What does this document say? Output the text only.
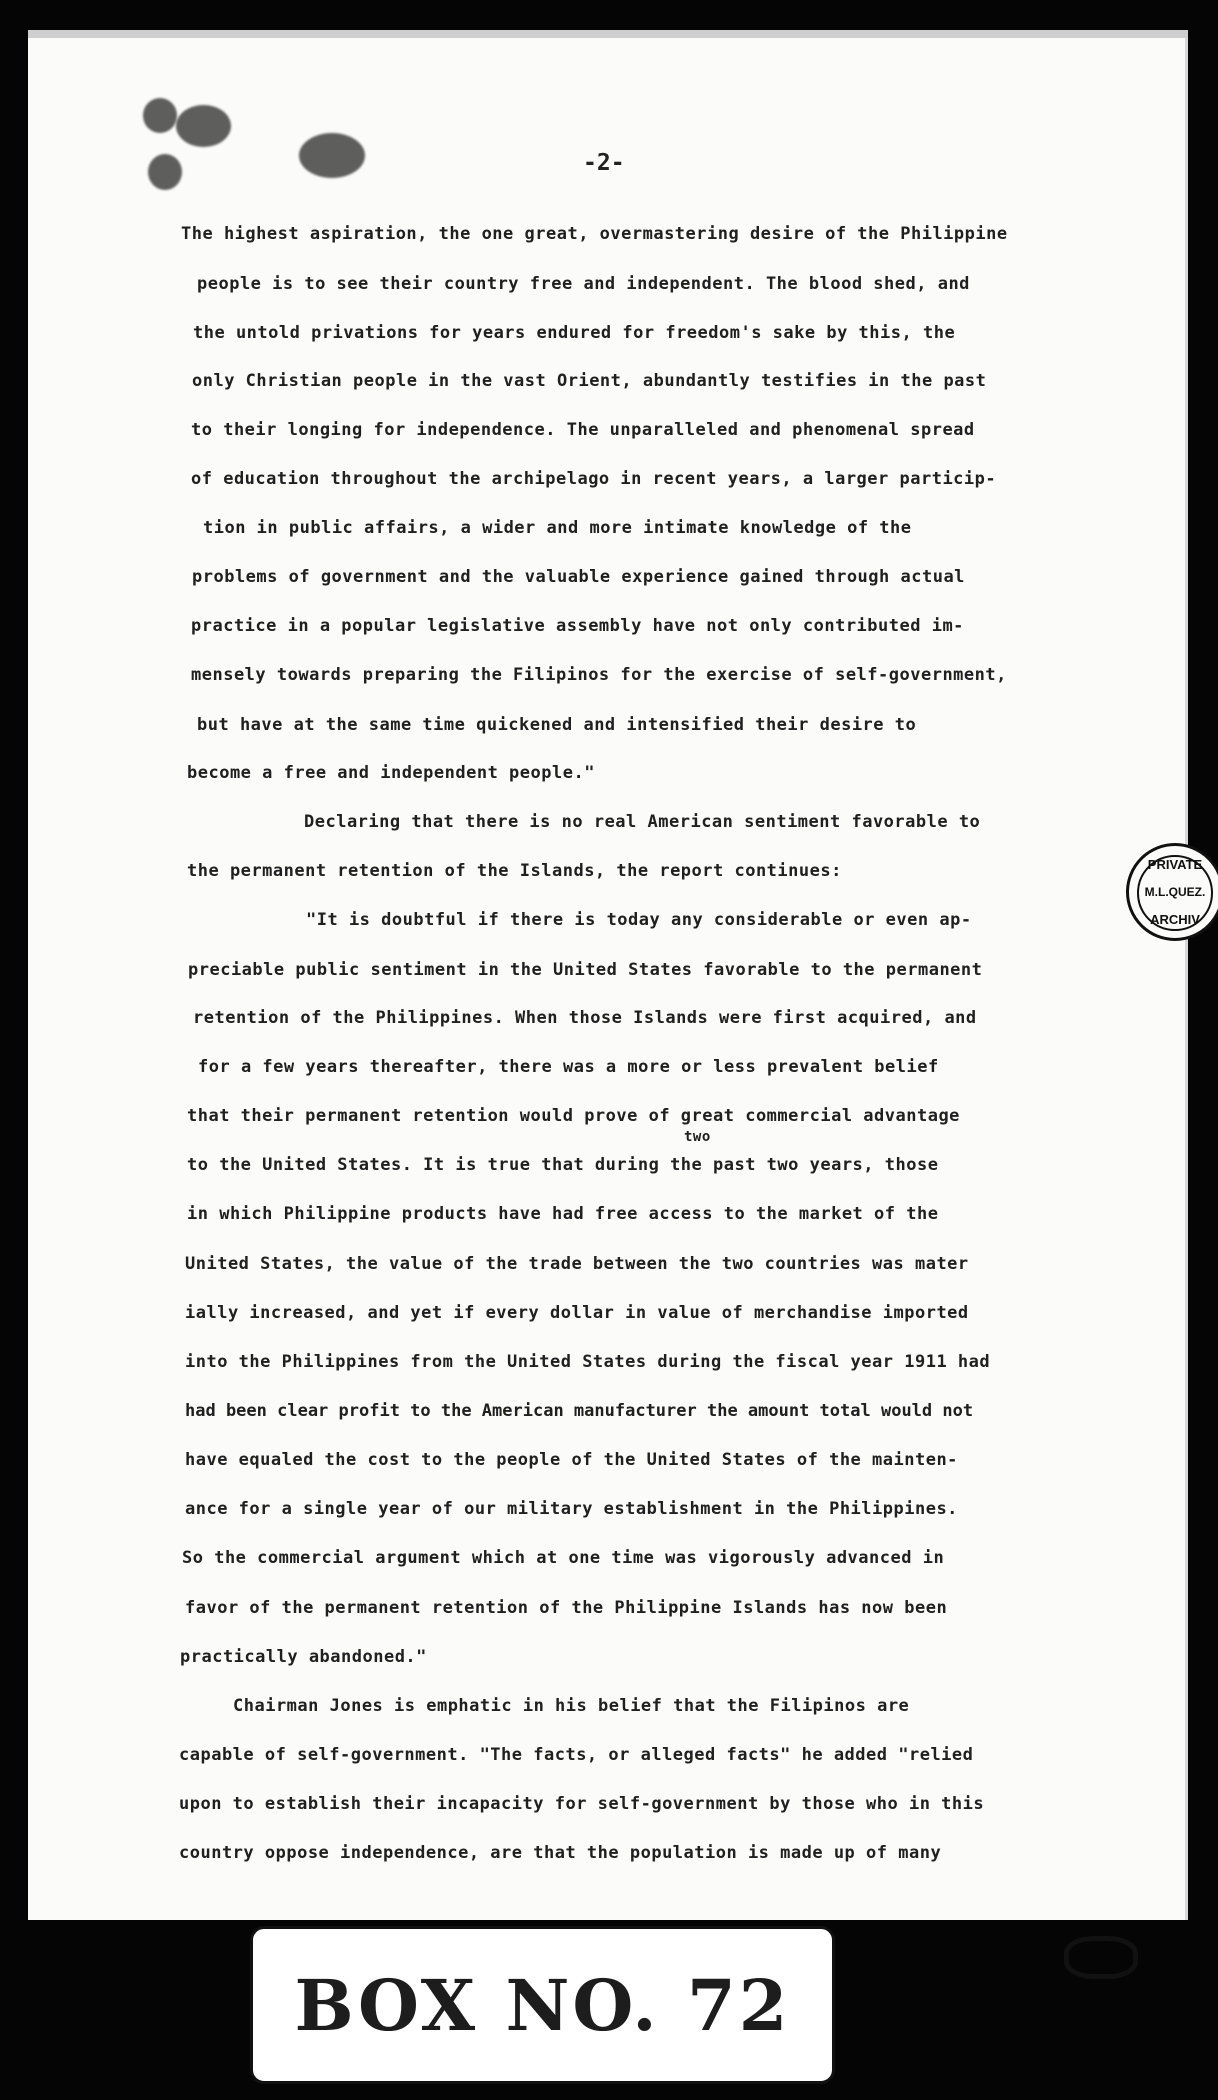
-2-
The highest aspiration, the one great, overmastering desire of the Philippine
people is to see their country free and independent. The blood shed, and
the untold privations for years endured for freedom's sake by this, the
only Christian people in the vast Orient, abundantly testifies in the past
to their longing for independence. The unparalleled and phenomenal spread
of education throughout the archipelago in recent years, a larger particip-
tion in public affairs, a wider and more intimate knowledge of the
problems of government and the valuable experience gained through actual
practice in a popular legislative assembly have not only contributed im-
mensely towards preparing the Filipinos for the exercise of self-government,
but have at the same time quickened and intensified their desire to
become a free and independent people."
Declaring that there is no real American sentiment favorable to
the permanent retention of the Islands, the report continues:
"It is doubtful if there is today any considerable or even ap-
preciable public sentiment in the United States favorable to the permanent
retention of the Philippines. When those Islands were first acquired, and
for a few years thereafter, there was a more or less prevalent belief
that their permanent retention would prove of great commercial advantage
two
to the United States. It is true that during the past two years, those
in which Philippine products have had free access to the market of the
United States, the value of the trade between the two countries was mater
ially increased, and yet if every dollar in value of merchandise imported
into the Philippines from the United States during the fiscal year 1911 had
had been clear profit to the American manufacturer the amount total would not
have equaled the cost to the people of the United States of the mainten-
ance for a single year of our military establishment in the Philippines.
So the commercial argument which at one time was vigorously advanced in
favor of the permanent retention of the Philippine Islands has now been
practically abandoned."
Chairman Jones is emphatic in his belief that the Filipinos are
capable of self-government. "The facts, or alleged facts" he added "relied
upon to establish their incapacity for self-government by those who in this
country oppose independence, are that the population is made up of many
PRIVATE
M.L.QUEZ.
ARCHIV
BOX NO. 72
